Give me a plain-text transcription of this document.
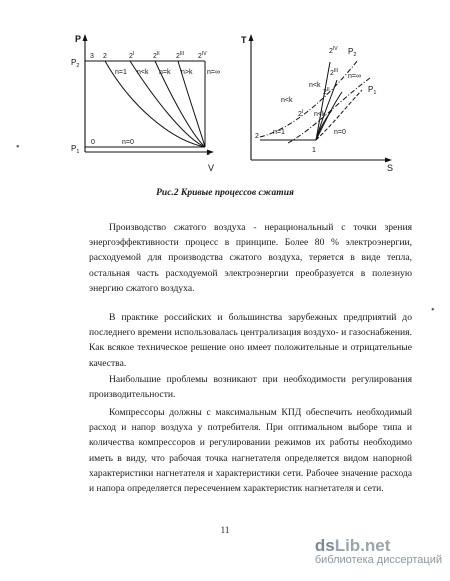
P
$P_2$
$P_1$
V
3 2	$2^I$	$2^{II}$ $2^{III}$ $2^{IV}$
n=1 n<k n=k n>k n=∞
0	n=0
1
T
S
$2^{IV}$ $P_2$
$2^{III}$
n=∞
n<k
$2^{II}$	$P_1$
n<k
$2^I$ n<k
n=1
2
n=0
1
Рис.2 Кривые процессов сжатия
Производство сжатого воздуха - нерациональный с точки зрения энергоэффективности процесс в принципе. Более 80 % электроэнергии, расходуемой для производства сжатого воздуха, теряется в виде тепла, остальная часть расходуемой электроэнергии преобразуется в полезную энергию сжатого воздуха.
В практике российских и большинства зарубежных предприятий до последнего времени использовалась централизация воздухо- и газоснабжения. Как всякое техническое решение оно имеет положительные и отрицательные качества.
Наибольшие проблемы возникают при необходимости регулирования производительности.
Компрессоры должны с максимальным КПД обеспечить необходимый расход и напор воздуха у потребителя. При оптимальном выборе типа и количества компрессоров и регулировании режимов их работы необходимо иметь в виду, что рабочая точка нагнетателя определяется видом напорной характеристики нагнетателя и характеристики сети. Рабочее значение расхода и напора определяется пересечением характеристик нагнетателя и сети.
11
•
•
dsLib.net
библиотека диссертаций
